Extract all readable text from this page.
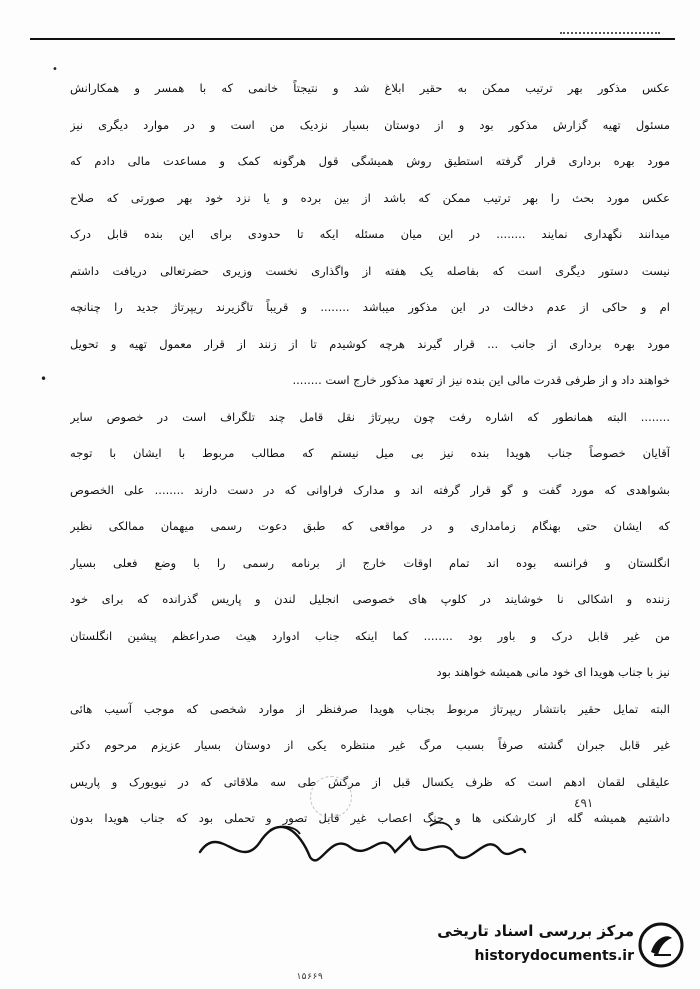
•
•
عکس مذکور بهر ترتیب ممکن به حقیر ابلاغ شد و نتیجتاً خانمی که با همسر و همکارانش
مسئول تهیه گزارش مذکور بود و از دوستان بسیار نزدیک من است و در موارد دیگری نیز
مورد بهره برداری قرار گرفته استطیق روش همیشگی قول هرگونه کمک و مساعدت مالی دادم که
عکس مورد بحث را بهر ترتیب ممکن که باشد از بین برده و یا نزد خود بهر صورتی که صلاح
میدانند نگهداری نمایند ........ در این میان مسئله ایکه تا حدودی برای این بنده قابل درک
نیست دستور دیگری است که بفاصله یک هفته از واگذاری نخست وزیری حضرتعالی دریافت داشتم
ام و حاکی از عدم دخالت در این مذکور میباشد ........ و قریباً تاگزیرند ریپرتاژ جدید را چنانچه
مورد بهره برداری از جانب ... قرار گیرند هرچه کوشیدم تا از زنند از قرار معمول تهیه و تحویل
خواهند داد و از طرفی قدرت مالی این بنده نیز از تعهد مذکور خارج است ........
........ البته همانطور که اشاره رفت چون ریپرتاژ نقل قامل چند تلگراف است در خصوص سایر
آقایان خصوصاً جناب هویدا بنده نیز بی میل نیستم که مطالب مربوط با ایشان با توجه
بشواهدی که مورد گفت و گو قرار گرفته اند و مدارک فراوانی که در دست دارند ........ علی الخصوص
که ایشان حتی بهنگام زمامداری و در مواقعی که طبق دعوت رسمی میهمان ممالکی نظیر
انگلستان و فرانسه بوده اند تمام اوقات خارج از برنامه رسمی را با وضع فعلی بسیار
زننده و اشکالی نا خوشایند در کلوپ های خصوصی انجلیل لندن و پاریس گذرانده که برای خود
من غیر قابل درک و باور بود ........ کما اینکه جناب ادوارد هیث صدراعظم پیشین انگلستان
نیز با جناب هویدا ای خود مانی همیشه خواهند بود
البته تمایل حقیر بانتشار ریپرتاژ مربوط بجناب هویدا صرفنظر از موارد شخصی که موجب آسیب هائی
غیر قابل جبران گشته صرفاً بسبب مرگ غیر منتظره یکی از دوستان بسیار عزیزم مرحوم دکتر
علیقلی لقمان ادهم است که ظرف یکسال قبل از مرگش طی سه ملاقاتی که در نیویورک و پاریس
داشتیم همیشه گله از کارشکنی ها و جنگ اعصاب غیر قابل تصور و تحملی بود که جناب هویدا بدون
٤٩١
۱۵۶۶۹
مرکز بررسی اسناد تاریخی
historydocuments.ir
